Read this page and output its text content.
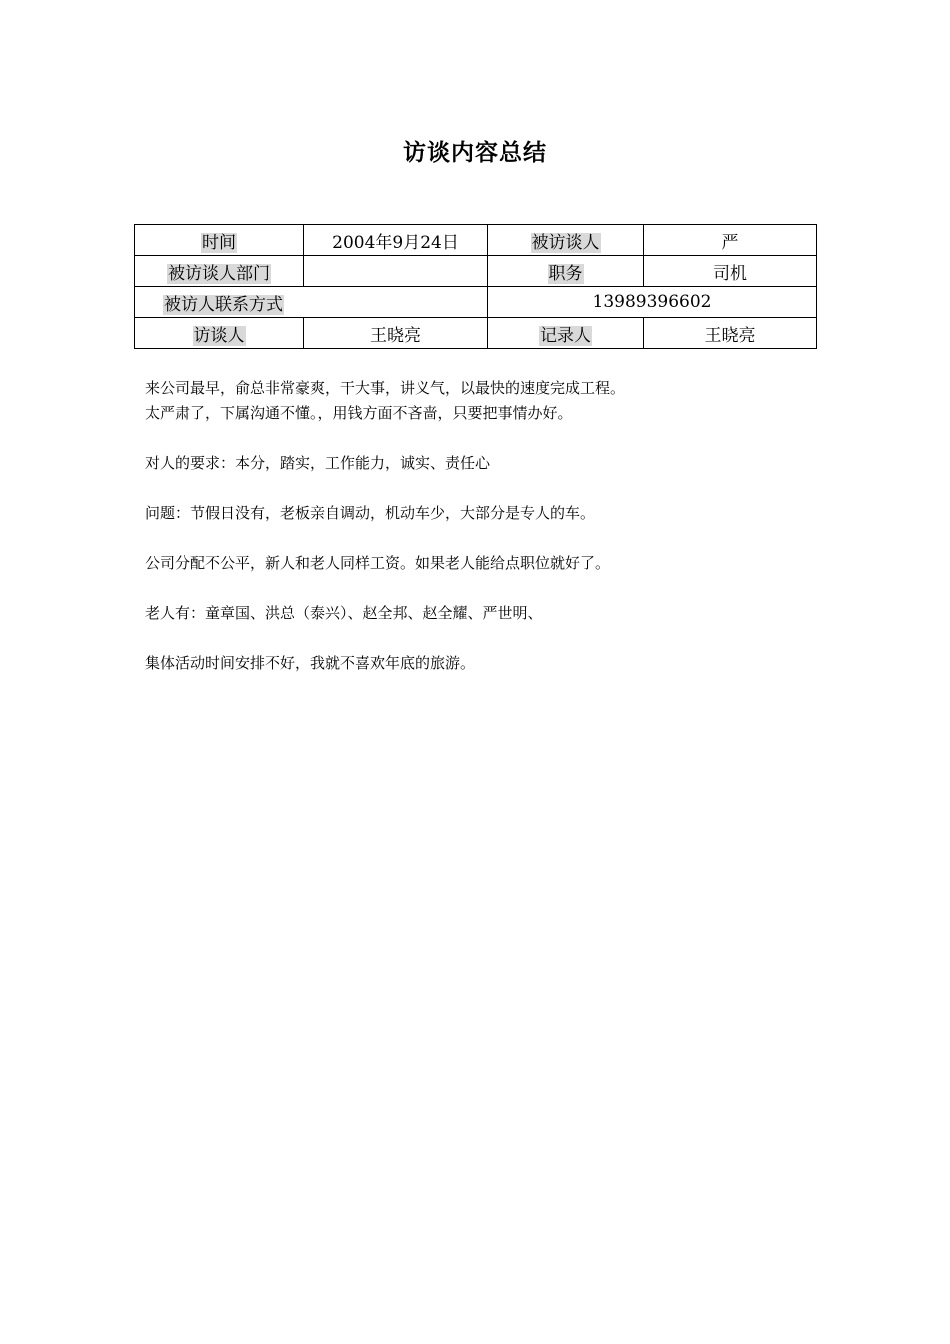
访谈内容总结
时间	2004年9月24日	被访谈人	严
被访谈人部门		职务	司机
被访人联系方式		13989396602	
访谈人	王晓亮	记录人	王晓亮

来公司最早，俞总非常豪爽，干大事，讲义气，以最快的速度完成工程。

太严肃了，下属沟通不懂。，用钱方面不吝啬，只要把事情办好。

对人的要求：本分，踏实，工作能力，诚实、责任心

问题：节假日没有，老板亲自调动，机动车少，大部分是专人的车。

公司分配不公平，新人和老人同样工资。如果老人能给点职位就好了。

老人有：童章国、洪总（泰兴）、赵全邦、赵全耀、严世明、

集体活动时间安排不好，我就不喜欢年底的旅游。
